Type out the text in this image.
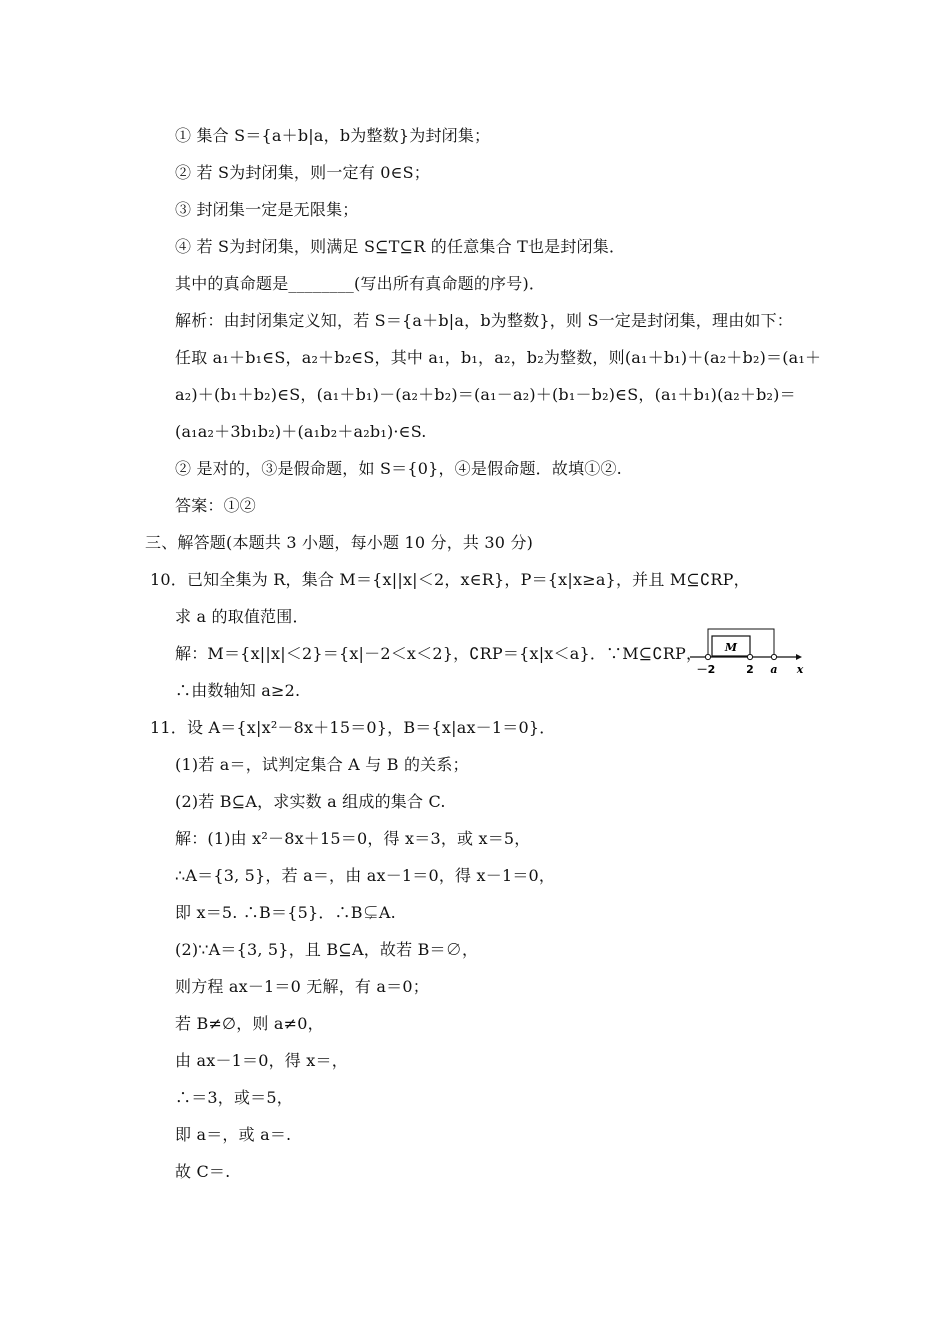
① 集合 S＝{a＋b|a，b为整数}为封闭集；
② 若 S为封闭集，则一定有 0∈S；
③ 封闭集一定是无限集；
④ 若 S为封闭集，则满足 S⊆T⊆R 的任意集合 T也是封闭集．
其中的真命题是________(写出所有真命题的序号)．
解析：由封闭集定义知，若 S＝{a＋b|a，b为整数}，则 S一定是封闭集，理由如下：
任取 a₁＋b₁∈S，a₂＋b₂∈S，其中 a₁，b₁，a₂，b₂为整数，则(a₁＋b₁)＋(a₂＋b₂)＝(a₁＋
a₂)＋(b₁＋b₂)∈S，(a₁＋b₁)－(a₂＋b₂)＝(a₁－a₂)＋(b₁－b₂)∈S，(a₁＋b₁)(a₂＋b₂)＝
(a₁a₂＋3b₁b₂)＋(a₁b₂＋a₂b₁)·∈S.
② 是对的，③是假命题，如 S＝{0}，④是假命题．故填①②.
答案：①②
三、解答题(本题共 3 小题，每小题 10 分，共 30 分)
10．已知全集为 R，集合 M＝{x||x|＜2，x∈R}，P＝{x|x≥a}，并且 M⊆∁RP，
求 a 的取值范围．
解：M＝{x||x|＜2}＝{x|－2＜x＜2}，∁RP＝{x|x＜a}．∵M⊆∁RP，
∴由数轴知 a≥2.
11．设 A＝{x|x²－8x＋15＝0}，B＝{x|ax－1＝0}．
(1)若 a＝，试判定集合 A 与 B 的关系；
(2)若 B⊆A，求实数 a 组成的集合 C.
解：(1)由 x²－8x＋15＝0，得 x＝3，或 x＝5，
∴A＝{3, 5}，若 a＝，由 ax－1＝0，得 x－1＝0，
即 x＝5. ∴B＝{5}．∴B⊊A.
(2)∵A＝{3, 5}，且 B⊆A，故若 B＝∅，
则方程 ax－1＝0 无解，有 a＝0；
若 B≠∅，则 a≠0，
由 ax－1＝0，得 x＝，
∴＝3，或＝5，
即 a＝，或 a＝.
故 C＝.
M
－2	2 a x
